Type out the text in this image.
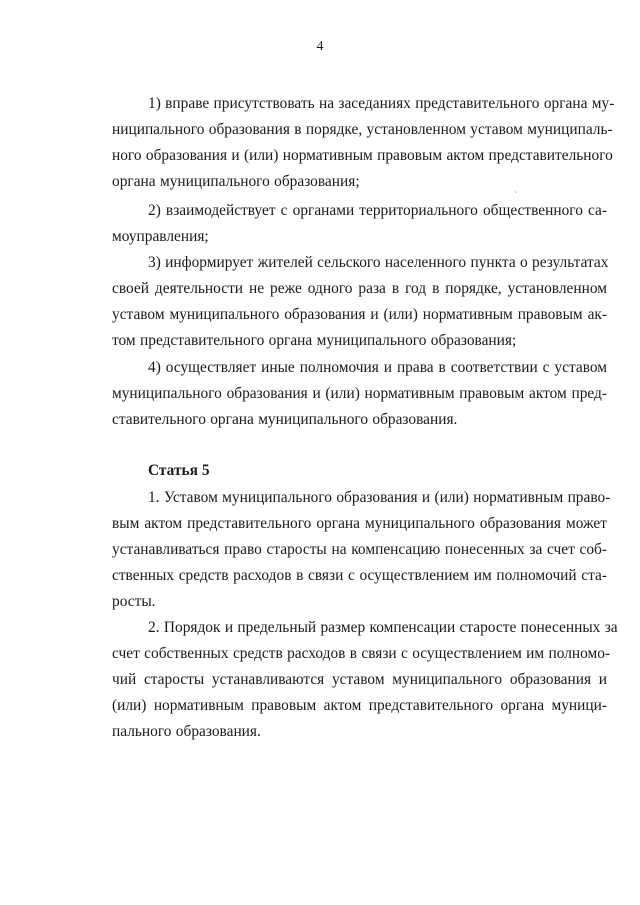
4
ˏ
1) вправе присутствовать на заседаниях представительного органа му-
ниципального образования в порядке, установленном уставом муниципаль-
ного образования и (или) нормативным правовым актом представительного
органа муниципального образования;
2) взаимодействует с органами территориального общественного са-
моуправления;
3) информирует жителей сельского населенного пункта о результатах
своей деятельности не реже одного раза в год в порядке, установленном
уставом муниципального образования и (или) нормативным правовым ак-
том представительного органа муниципального образования;
4) осуществляет иные полномочия и права в соответствии с уставом
муниципального образования и (или) нормативным правовым актом пред-
ставительного органа муниципального образования.
Статья 5
1. Уставом муниципального образования и (или) нормативным право-
вым актом представительного органа муниципального образования может
устанавливаться право старосты на компенсацию понесенных за счет соб-
ственных средств расходов в связи с осуществлением им полномочий ста-
росты.
2. Порядок и предельный размер компенсации старосте понесенных за
счет собственных средств расходов в связи с осуществлением им полномо-
чий старосты устанавливаются уставом муниципального образования и
(или) нормативным правовым актом представительного органа муници-
пального образования.
